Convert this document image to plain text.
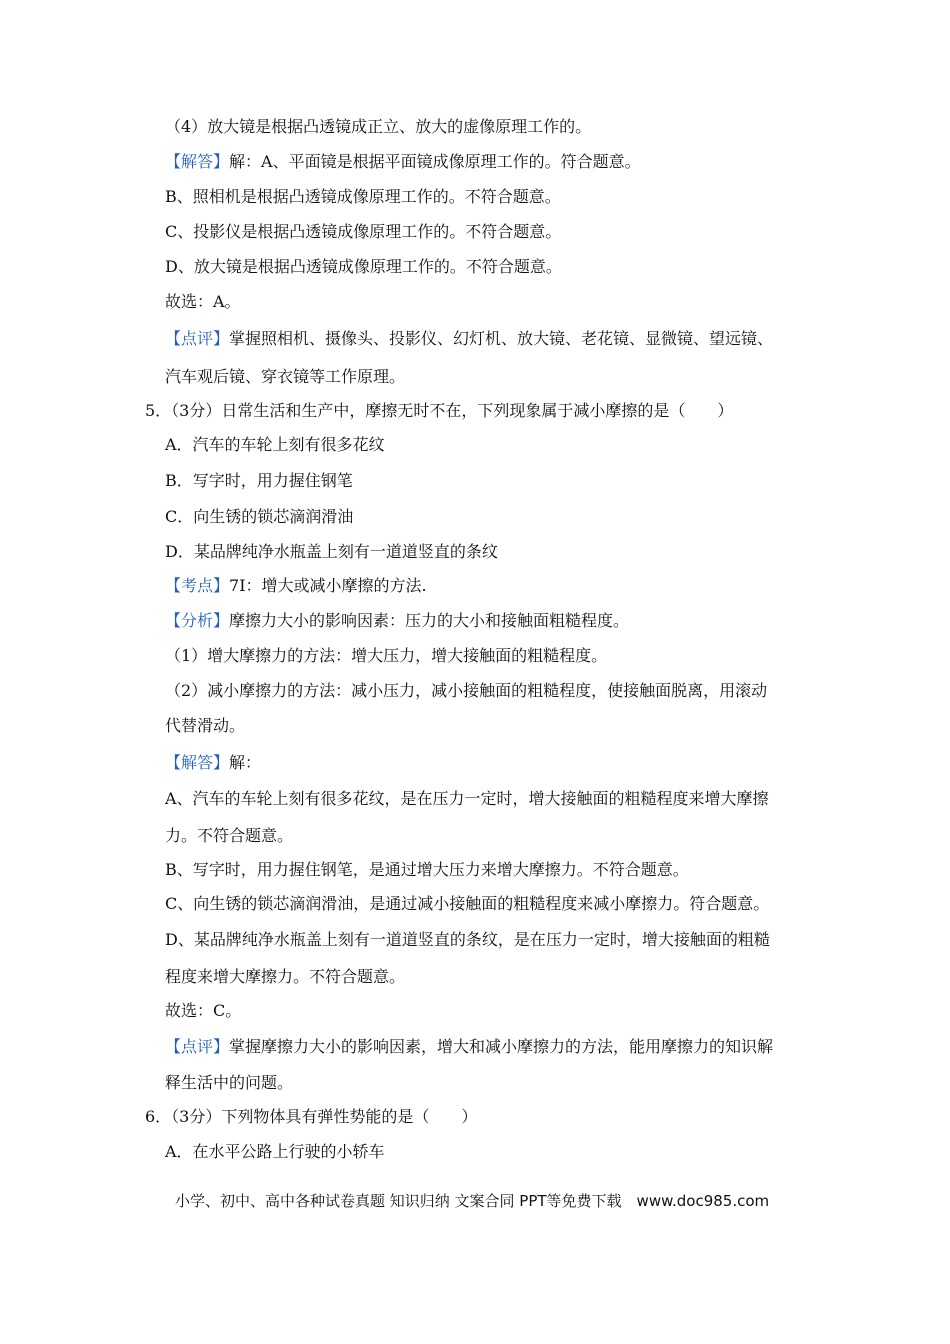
（4）放大镜是根据凸透镜成正立、放大的虚像原理工作的。
【解答】解：A、平面镜是根据平面镜成像原理工作的。符合题意。
B、照相机是根据凸透镜成像原理工作的。不符合题意。
C、投影仪是根据凸透镜成像原理工作的。不符合题意。
D、放大镜是根据凸透镜成像原理工作的。不符合题意。
故选：A。
【点评】掌握照相机、摄像头、投影仪、幻灯机、放大镜、老花镜、显微镜、望远镜、
汽车观后镜、穿衣镜等工作原理。
5．（3分）日常生活和生产中，摩擦无时不在，下列现象属于减小摩擦的是（　　）
A．汽车的车轮上刻有很多花纹
B．写字时，用力握住钢笔
C．向生锈的锁芯滴润滑油
D．某品牌纯净水瓶盖上刻有一道道竖直的条纹
【考点】7I：增大或减小摩擦的方法.
【分析】摩擦力大小的影响因素：压力的大小和接触面粗糙程度。
（1）增大摩擦力的方法：增大压力，增大接触面的粗糙程度。
（2）减小摩擦力的方法：减小压力，减小接触面的粗糙程度，使接触面脱离，用滚动
代替滑动。
【解答】解：
A、汽车的车轮上刻有很多花纹，是在压力一定时，增大接触面的粗糙程度来增大摩擦
力。不符合题意。
B、写字时，用力握住钢笔，是通过增大压力来增大摩擦力。不符合题意。
C、向生锈的锁芯滴润滑油，是通过减小接触面的粗糙程度来减小摩擦力。符合题意。
D、某品牌纯净水瓶盖上刻有一道道竖直的条纹，是在压力一定时，增大接触面的粗糙
程度来增大摩擦力。不符合题意。
故选：C。
【点评】掌握摩擦力大小的影响因素，增大和减小摩擦力的方法，能用摩擦力的知识解
释生活中的问题。
6．（3分）下列物体具有弹性势能的是（　　）
A．在水平公路上行驶的小轿车
小学、初中、高中各种试卷真题 知识归纳 文案合同 PPT等免费下载　www.doc985.com
